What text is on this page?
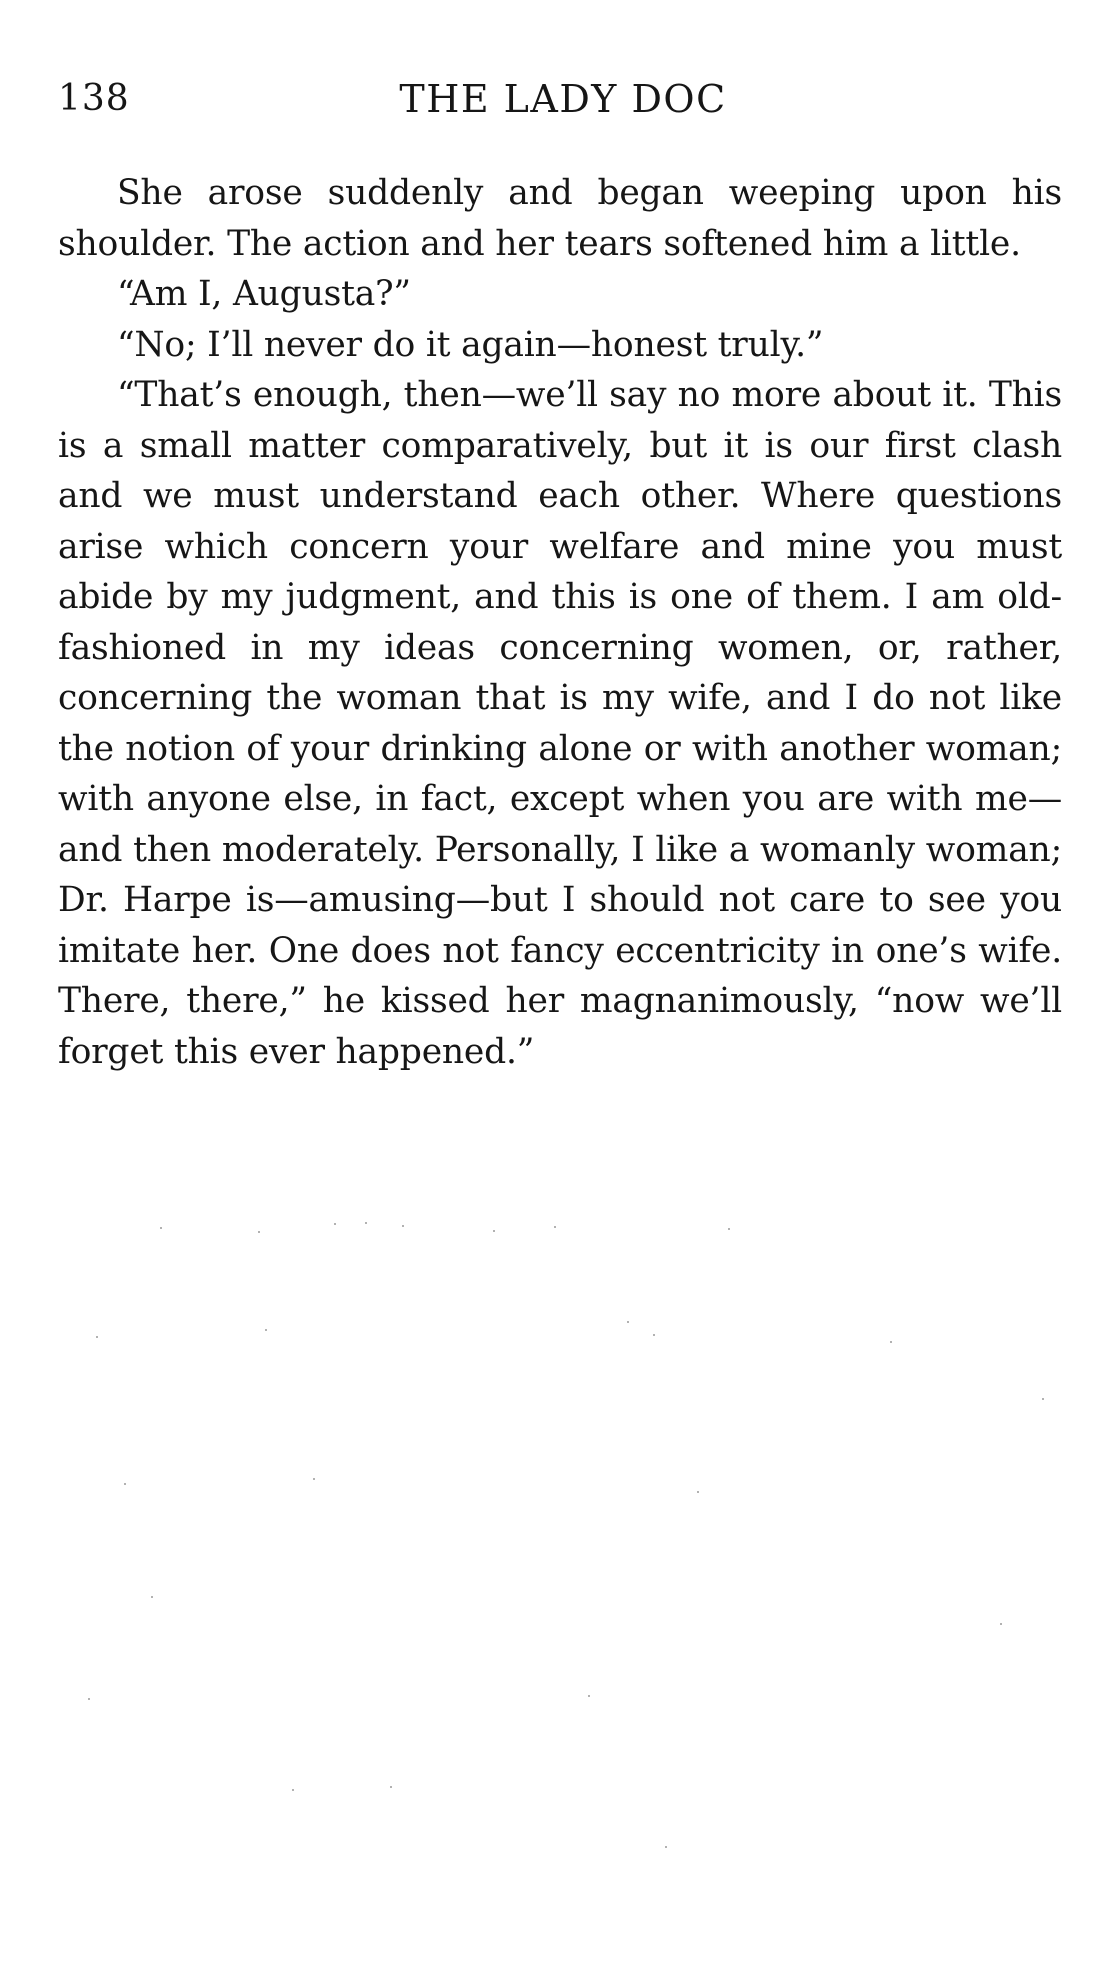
138	THE LADY DOC

She arose suddenly and began weeping upon his shoulder. The action and her tears softened him a little.

“Am I, Augusta?”

“No; I’ll never do it again—honest truly.”

“That’s enough, then—we’ll say no more about it. This is a small matter comparatively, but it is our first clash and we must understand each other. Where questions arise which concern your welfare and mine you must abide by my judgment, and this is one of them. I am old-fashioned in my ideas concerning women, or, rather, concerning the woman that is my wife, and I do not like the notion of your drinking alone or with another woman; with anyone else, in fact, except when you are with me—and then moderately. Personally, I like a womanly woman; Dr. Harpe is—amusing—but I should not care to see you imitate her. One does not fancy eccentricity in one’s wife. There, there,” he kissed her magnanimously, “now we’ll forget this ever happened.”
